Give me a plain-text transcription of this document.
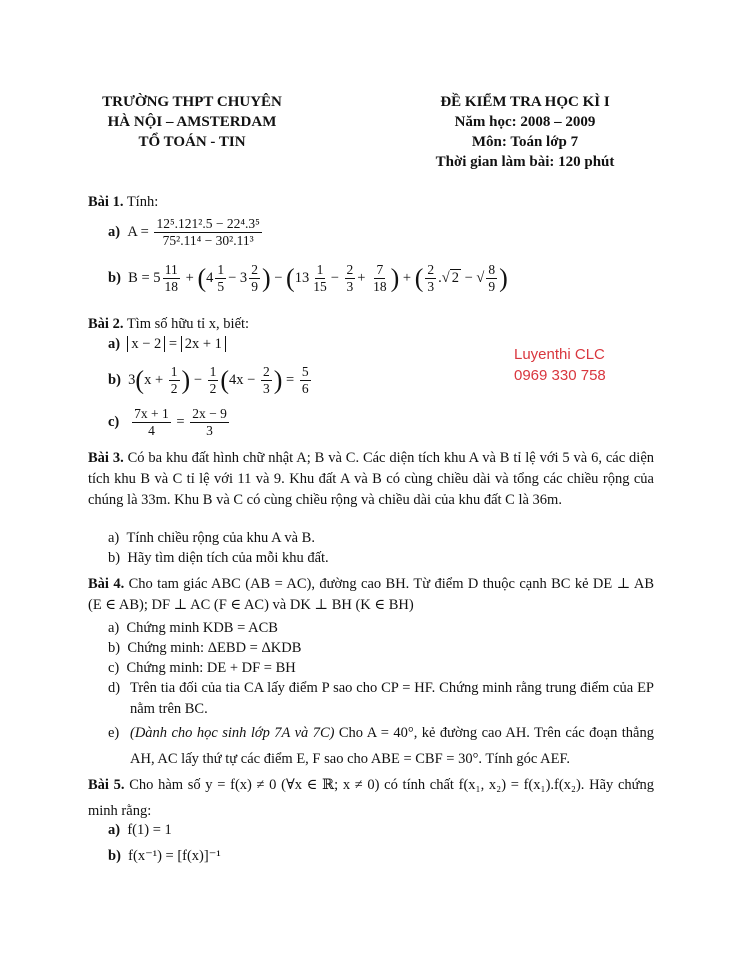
TRƯỜNG THPT CHUYÊN
HÀ NỘI – AMSTERDAM
TỔ TOÁN - TIN
ĐỀ KIỂM TRA HỌC KÌ I
Năm học: 2008 – 2009
Môn: Toán lớp 7
Thời gian làm bài: 120 phút
Luyenthi CLC
0969 330 758
Bài 1. Tính:
a) $A = \frac{\text{12⁵.121².5 − 22⁴.3⁵}}{\text{75².11⁴ − 30².11³}}$
b) $B = 5 \frac{11}{18} + (4 \frac{1}{5} - 3 \frac{2}{9}$ ) − ($13 \frac{1}{15} - \frac{2}{3} + \frac{7}{18}$ ) + ( $\frac{2}{3}$ .√ 2 − √ $\frac{8}{9}$ )
Bài 2. Tìm số hữu tỉ x, biết:
a) x − 2 = 2x + 1
b)  $3(x + \frac{1}{2}$ ) − $\frac{1}{2} (4x - \frac{2}{3}$ ) = $\frac{5}{6}$
$c) \frac{7x + 1}{4} = \frac{2x - 9}{3}$
Bài 3. Có ba khu đất hình chữ nhật A; B và C. Các diện tích khu A và B tỉ lệ với 5 và 6, các diện tích khu B và C tỉ lệ với 11 và 9. Khu đất A và B có cùng chiều dài và tổng các chiều rộng của chúng là 33m. Khu B và C có cùng chiều rộng và chiều dài của khu đất C là 36m.
a) Tính chiều rộng của khu A và B.
b) Hãy tìm diện tích của mỗi khu đất.
Bài 4. Cho tam giác ABC (AB = AC), đường cao BH. Từ điểm D thuộc cạnh BC kẻ DE ⊥ AB (E ∈ AB); DF ⊥ AC (F ∈ AC) và DK ⊥ BH (K ∈ BH)
a) Chứng minh KDB = ACB
b) Chứng minh: ΔEBD = ΔKDB
c) Chứng minh: DE + DF = BH
d) Trên tia đối của tia CA lấy điểm P sao cho CP = HF. Chứng minh rằng trung điểm của EP nằm trên BC.
e) (Dành cho học sinh lớp 7A và 7C) Cho A = 40°, kẻ đường cao AH. Trên các đoạn thẳng AH, AC lấy thứ tự các điểm E, F sao cho ABE = CBF = 30°. Tính góc AEF.
Bài 5. Cho hàm số y = f(x) ≠ 0 (∀x ∈ ℝ; x ≠ 0) có tính chất f(x₁, x₂) = f(x₁).f(x₂). Hãy chứng minh rằng:
a) f(1) = 1
b) f(x⁻¹) = [f(x)]⁻¹
